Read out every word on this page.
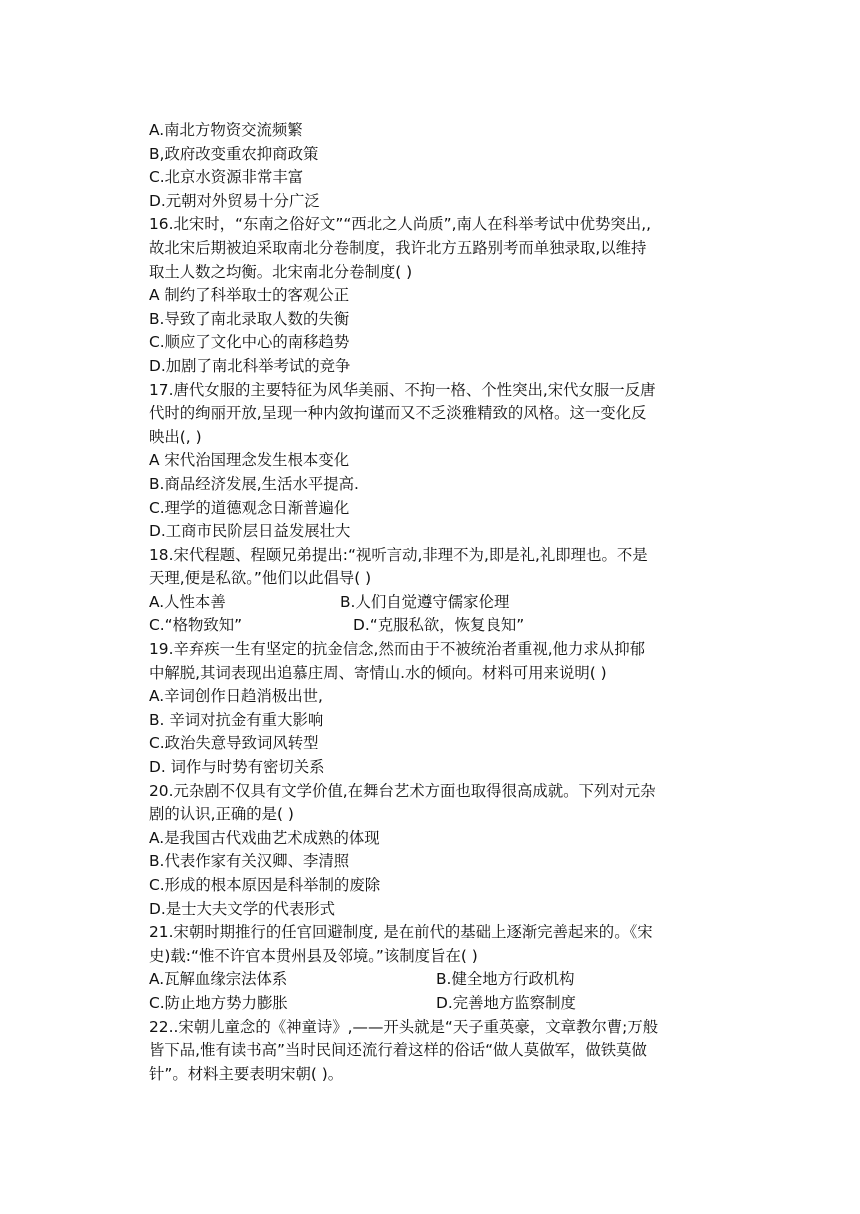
A.南北方物资交流频繁
B,政府改变重农抑商政策
C.北京水资源非常丰富
D.元朝对外贸易十分广泛
16.北宋时，“东南之俗好文”“西北之人尚质”,南人在科举考试中优势突出,,
故北宋后期被迫采取南北分卷制度，我许北方五路别考而单独录取,以维持
取土人数之均衡。北宋南北分卷制度( )
A 制约了科举取士的客观公正
B.导致了南北录取人数的失衡
C.顺应了文化中心的南移趋势
D.加剧了南北科举考试的竞争
17.唐代女服的主要特征为风华美丽、不拘一格、个性突出,宋代女服一反唐
代时的绚丽开放,呈现一种内敛拘谨而又不乏淡雅精致的风格。这一变化反
映出(, )
A 宋代治国理念发生根本变化
B.商品经济发展,生活水平提高.
C.理学的道德观念日渐普遍化
D.工商市民阶层日益发展壮大
18.宋代程题、程颐兄弟提出:“视听言动,非理不为,即是礼,礼即理也。不是
天理,便是私欲。”他们以此倡导( )
A.人性本善	B.人们自觉遵守儒家伦理
C.“格物致知”	D.“克服私欲，恢复良知”
19.辛弃疾一生有坚定的抗金信念,然而由于不被统治者重视,他力求从抑郁
中解脱,其词表现出追慕庄周、寄情山.水的倾向。材料可用来说明( )
A.辛词创作日趋消极出世,
B. 辛词对抗金有重大影响
C.政治失意导致词风转型
D. 词作与时势有密切关系
20.元杂剧不仅具有文学价值,在舞台艺术方面也取得很高成就。下列对元杂
剧的认识,正确的是( )
A.是我国古代戏曲艺术成熟的体现
B.代表作家有关汉卿、李清照
C.形成的根本原因是科举制的废除
D.是士大夫文学的代表形式
21.宋朝时期推行的任官回避制度, 是在前代的基础上逐渐完善起来的。《宋
史)载:“惟不许官本贯州县及邻境。”该制度旨在( )
A.瓦解血缘宗法体系	B.健全地方行政机构
C.防止地方势力膨胀	D.完善地方监察制度
22..宋朝儿童念的《神童诗》,——开头就是“天子重英豪，文章教尔曹;万般
皆下品,惟有读书高”当时民间还流行着这样的俗话“做人莫做军，做铁莫做
针”。材料主要表明宋朝( )。
